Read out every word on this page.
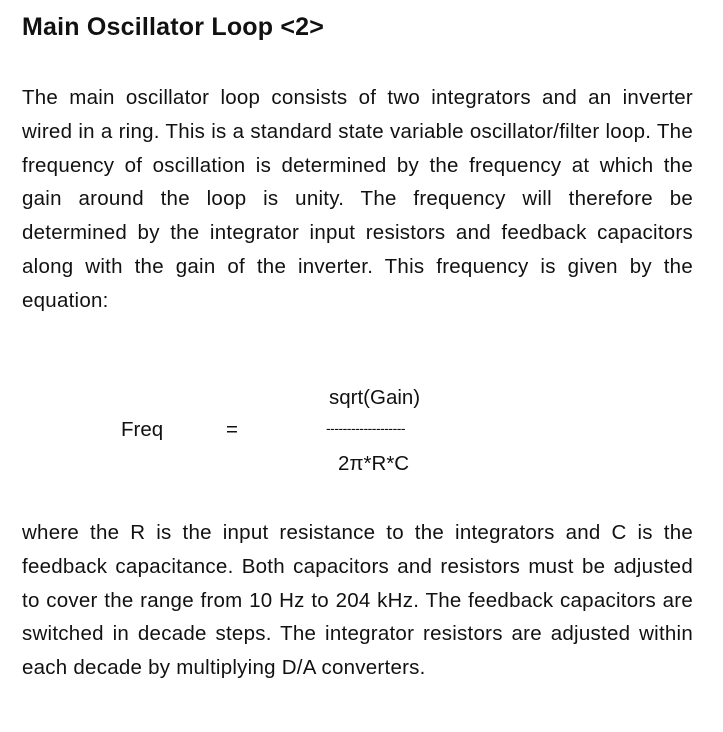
Main Oscillator Loop <2>

The main oscillator loop consists of two integrators and an inverter wired in a ring. This is a standard state variable oscillator/filter loop. The frequency of oscillation is determined by the frequency at which the gain around the loop is unity. The frequency will therefore be determined by the integrator input resistors and feedback capacitors along with the gain of the inverter. This frequency is given by the equation:

Freq	=
sqrt(Gain)
-------------------
2π*R*C

where the R is the input resistance to the integrators and C is the feedback capacitance. Both capacitors and resistors must be adjusted to cover the range from 10 Hz to 204 kHz. The feedback capacitors are switched in decade steps. The integrator resistors are adjusted within each decade by multiplying D/A converters.
